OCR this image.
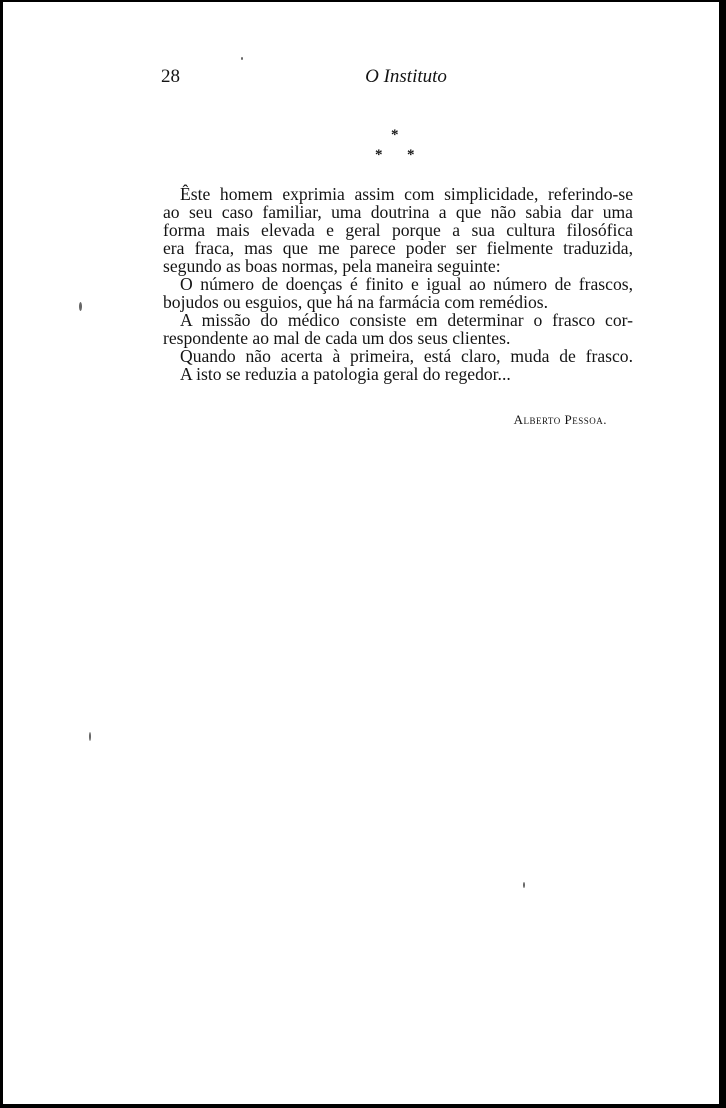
28	O Instituto
*
* *

Êste homem exprimia assim com simplicidade, referindo-se

ao seu caso familiar, uma doutrina a que não sabia dar uma

forma mais elevada e geral porque a sua cultura filosófica

era fraca, mas que me parece poder ser fielmente traduzida,

segundo as boas normas, pela maneira seguinte:

O número de doenças é finito e igual ao número de frascos,

bojudos ou esguios, que há na farmácia com remédios.

A missão do médico consiste em determinar o frasco cor-

respondente ao mal de cada um dos seus clientes.

Quando não acerta à primeira, está claro, muda de frasco.

A isto se reduzia a patologia geral do regedor...

Alberto Pessoa.
